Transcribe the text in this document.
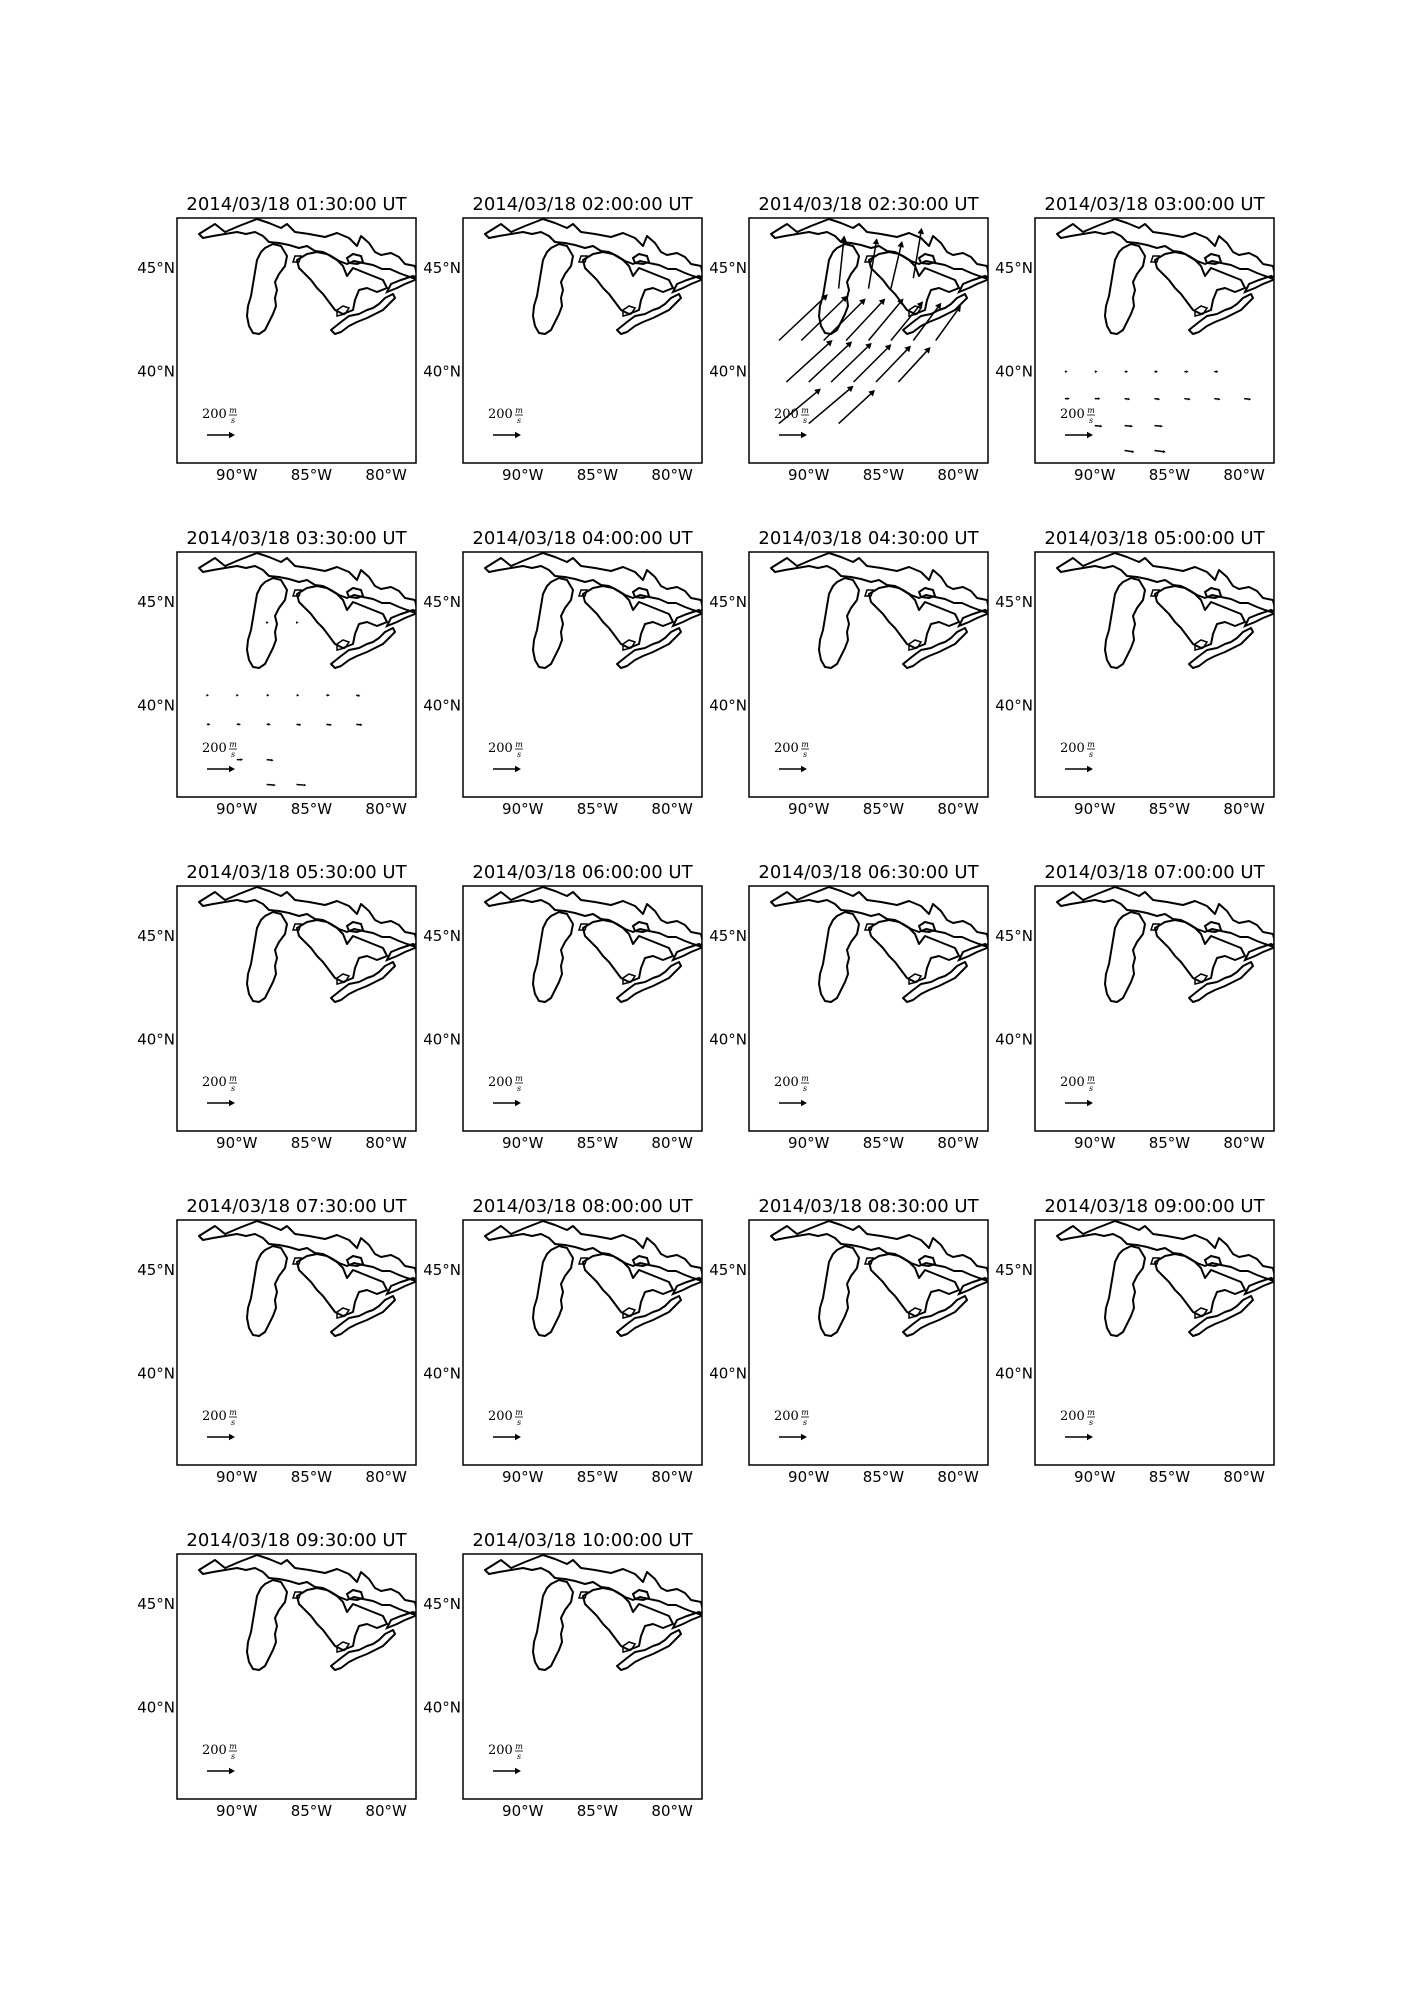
2014/03/18 01:30:00 UT
200 m
s
90°W 85°W 80°W
45°N
40°N
2014/03/18 02:00:00 UT
200 m
s
90°W 85°W 80°W
45°N
40°N
2014/03/18 02:30:00 UT
200 m
s
90°W 85°W 80°W
45°N
40°N
2014/03/18 03:00:00 UT
200 m
s
90°W 85°W 80°W
45°N
40°N
2014/03/18 03:30:00 UT
200 m
s
90°W 85°W 80°W
45°N
40°N
2014/03/18 04:00:00 UT
200 m
s
90°W 85°W 80°W
45°N
40°N
2014/03/18 04:30:00 UT
200 m
s
90°W 85°W 80°W
45°N
40°N
2014/03/18 05:00:00 UT
200 m
s
90°W 85°W 80°W
45°N
40°N
2014/03/18 05:30:00 UT
200 m
s
90°W 85°W 80°W
45°N
40°N
2014/03/18 06:00:00 UT
200 m
s
90°W 85°W 80°W
45°N
40°N
2014/03/18 06:30:00 UT
200 m
s
90°W 85°W 80°W
45°N
40°N
2014/03/18 07:00:00 UT
200 m
s
90°W 85°W 80°W
45°N
40°N
2014/03/18 07:30:00 UT
200 m
s
90°W 85°W 80°W
45°N
40°N
2014/03/18 08:00:00 UT
200 m
s
90°W 85°W 80°W
45°N
40°N
2014/03/18 08:30:00 UT
200 m
s
90°W 85°W 80°W
45°N
40°N
2014/03/18 09:00:00 UT
200 m
s
90°W 85°W 80°W
45°N
40°N
2014/03/18 09:30:00 UT
200 m
s
90°W 85°W 80°W
45°N
40°N
2014/03/18 10:00:00 UT
200 m
s
90°W 85°W 80°W
45°N
40°N
